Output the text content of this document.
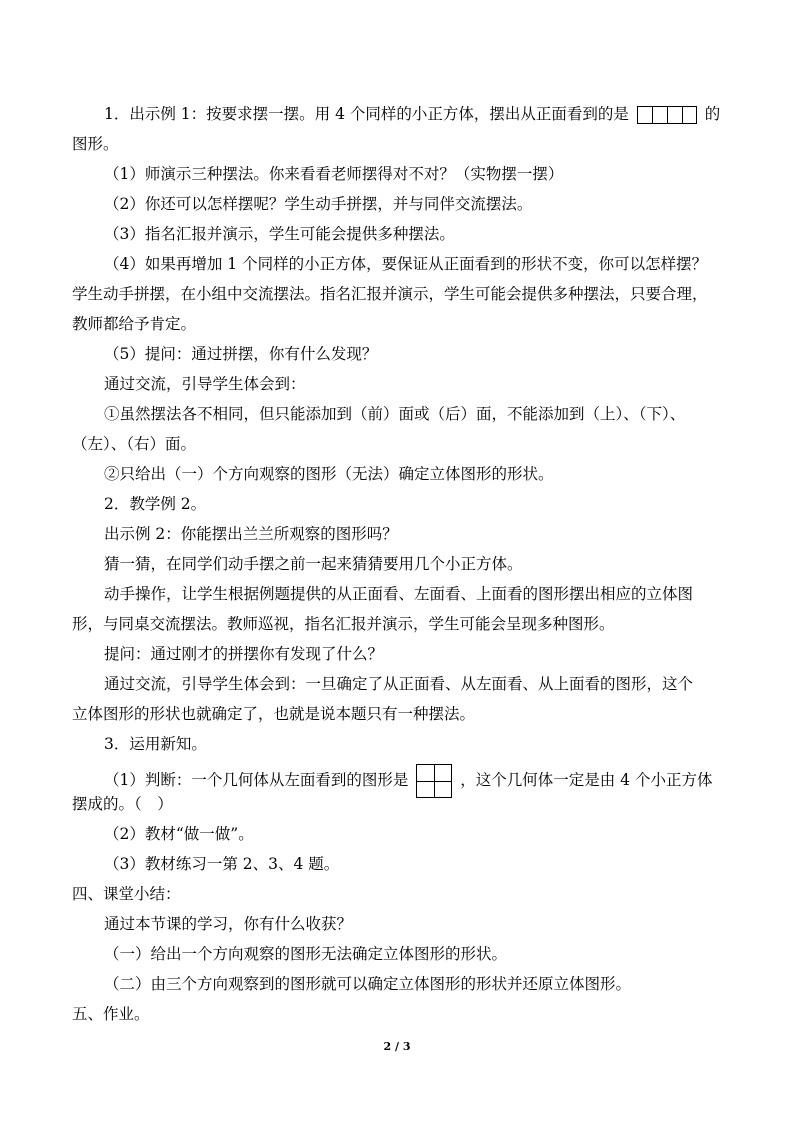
1．出示例 1：按要求摆一摆。用 4 个同样的小正方体，摆出从正面看到的是	的
图形。
（1）师演示三种摆法。你来看看老师摆得对不对？（实物摆一摆）
（2）你还可以怎样摆呢？学生动手拼摆，并与同伴交流摆法。
（3）指名汇报并演示，学生可能会提供多种摆法。
（4）如果再增加 1 个同样的小正方体，要保证从正面看到的形状不变，你可以怎样摆？
学生动手拼摆，在小组中交流摆法。指名汇报并演示，学生可能会提供多种摆法，只要合理，
教师都给予肯定。
（5）提问：通过拼摆，你有什么发现？
通过交流，引导学生体会到：
①虽然摆法各不相同，但只能添加到（前）面或（后）面，不能添加到（上）、（下）、
（左）、（右）面。
②只给出（一）个方向观察的图形（无法）确定立体图形的形状。
2．教学例 2。
出示例 2：你能摆出兰兰所观察的图形吗？
猜一猜，在同学们动手摆之前一起来猜猜要用几个小正方体。
动手操作，让学生根据例题提供的从正面看、左面看、上面看的图形摆出相应的立体图
形，与同桌交流摆法。教师巡视，指名汇报并演示，学生可能会呈现多种图形。
提问：通过刚才的拼摆你有发现了什么？
通过交流，引导学生体会到：一旦确定了从正面看、从左面看、从上面看的图形，这个
立体图形的形状也就确定了，也就是说本题只有一种摆法。
3．运用新知。
（1）判断：一个几何体从左面看到的图形是	，这个几何体一定是由 4 个小正方体
摆成的。（　）
（2）教材“做一做”。
（3）教材练习一第 2、3、4 题。
四、课堂小结：
通过本节课的学习，你有什么收获？
（一）给出一个方向观察的图形无法确定立体图形的形状。
（二）由三个方向观察到的图形就可以确定立体图形的形状并还原立体图形。
五、作业。
2 / 3
